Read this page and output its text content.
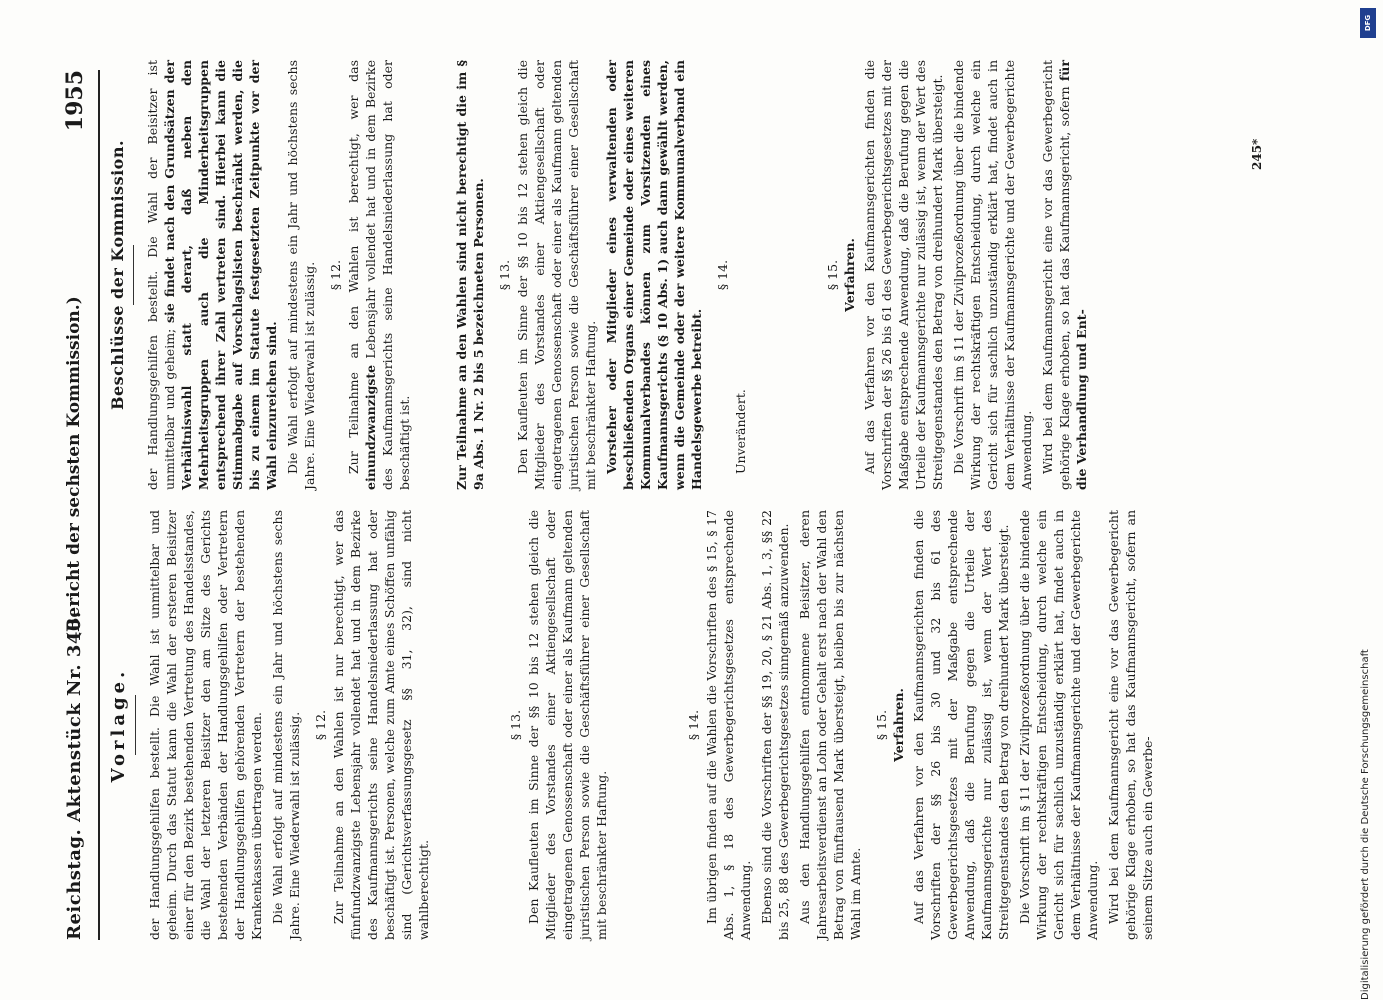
Reichstag. Aktenstück Nr. 340.
(Bericht der sechsten Kommission.)
1955
Vorlage. der Handlungsgehilfen bestellt. Die Wahl ist unmittelbar und geheim. Durch das Statut kann die Wahl der ersteren Beisitzer einer für den Bezirk bestehenden Vertretung des Handelsstandes, die Wahl der letzteren Beisitzer den am Sitze des Gerichts bestehenden Verbänden der Handlungsgehilfen oder Vertretern der Handlungsgehilfen gehörenden Vertretern der bestehenden Krankenkassen übertragen werden. Die Wahl erfolgt auf mindestens ein Jahr und höchstens sechs Jahre. Eine Wiederwahl ist zulässig. § 12. Zur Teilnahme an den Wahlen ist nur berechtigt, wer das fünfundzwanzigste Lebensjahr vollendet hat und in dem Bezirke des Kaufmannsgerichts seine Handelsniederlassung hat oder beschäftigt ist. Personen, welche zum Amte eines Schöffen unfähig sind (Gerichtsverfassungsgesetz §§ 31, 32), sind nicht wahlberechtigt.

§ 13. Den Kaufleuten im Sinne der §§ 10 bis 12 stehen gleich die Mitglieder des Vorstandes einer Aktiengesellschaft oder eingetragenen Genossenschaft oder einer als Kaufmann geltenden juristischen Person sowie die Geschäftsführer einer Gesellschaft mit beschränkter Haftung.

§ 14. Im übrigen finden auf die Wahlen die Vorschriften des § 15, § 17 Abs. 1, § 18 des Gewerbegerichtsgesetzes entsprechende Anwendung. Ebenso sind die Vorschriften der §§ 19, 20, § 21 Abs. 1, 3, §§ 22 bis 25, 88 des Gewerbegerichtsgesetzes sinngemäß anzuwenden. Aus den Handlungsgehilfen entnommene Beisitzer, deren Jahresarbeitsverdienst an Lohn oder Gehalt erst nach der Wahl den Betrag von fünftausend Mark übersteigt, bleiben bis zur nächsten Wahl im Amte.

§ 15. Verfahren. Auf das Verfahren vor den Kaufmannsgerichten finden die Vorschriften der §§ 26 bis 30 und 32 bis 61 des Gewerbegerichtsgesetzes mit der Maßgabe entsprechende Anwendung, daß die Berufung gegen die Urteile der Kaufmannsgerichte nur zulässig ist, wenn der Wert des Streitgegenstandes den Betrag von dreihundert Mark übersteigt. Die Vorschrift im § 11 der Zivilprozeßordnung über die bindende Wirkung der rechtskräftigen Entscheidung, durch welche ein Gericht sich für sachlich unzuständig erklärt hat, findet auch in dem Verhältnisse der Kaufmannsgerichte und der Gewerbegerichte Anwendung. Wird bei dem Kaufmannsgericht eine vor das Gewerbegericht gehörige Klage erhoben, so hat das Kaufmannsgericht, sofern an seinem Sitze auch ein Gewerbe-

Beschlüsse der Kommission. der Handlungsgehilfen bestellt. Die Wahl der Beisitzer ist unmittelbar und geheim; sie findet nach den Grundsätzen der Verhältniswahl statt derart, daß neben den Mehrheitsgruppen auch die Minderheitsgruppen entsprechend ihrer Zahl vertreten sind. Hierbei kann die Stimmabgabe auf Vorschlagslisten beschränkt werden, die bis zu einem im Statute festgesetzten Zeitpunkte vor der Wahl einzureichen sind. Die Wahl erfolgt auf mindestens ein Jahr und höchstens sechs Jahre. Eine Wiederwahl ist zulässig. § 12. Zur Teilnahme an den Wahlen ist berechtigt, wer das einundzwanzigste Lebensjahr vollendet hat und in dem Bezirke des Kaufmannsgerichts seine Handelsniederlassung hat oder beschäftigt ist.	Zur Teilnahme an den Wahlen sind nicht berechtigt die im § 9a Abs. 1 Nr. 2 bis 5 bezeichneten Personen. § 13. Den Kaufleuten im Sinne der §§ 10 bis 12 stehen gleich die Mitglieder des Vorstandes einer Aktiengesellschaft oder eingetragenen Genossenschaft oder einer als Kaufmann geltenden juristischen Person sowie die Geschäftsführer einer Gesellschaft mit beschränkter Haftung. Vorsteher oder Mitglieder eines verwaltenden oder beschließenden Organs einer Gemeinde oder eines weiteren Kommunalverbandes können zum Vorsitzenden eines Kaufmannsgerichts (§ 10 Abs. 1) auch dann gewählt werden, wenn die Gemeinde oder der weitere Kommunalverband ein Handelsgewerbe betreibt.

§ 14.

Unverändert.

§ 15. Verfahren. Auf das Verfahren vor den Kaufmannsgerichten finden die Vorschriften der §§ 26 bis 61 des Gewerbegerichtsgesetzes mit der Maßgabe entsprechende Anwendung, daß die Berufung gegen die Urteile der Kaufmannsgerichte nur zulässig ist, wenn der Wert des Streitgegenstandes den Betrag von dreihundert Mark übersteigt. Die Vorschrift im § 11 der Zivilprozeßordnung über die bindende Wirkung der rechtskräftigen Entscheidung, durch welche ein Gericht sich für sachlich unzuständig erklärt hat, findet auch in dem Verhältnisse der Kaufmannsgerichte und der Gewerbegerichte Anwendung. Wird bei dem Kaufmannsgericht eine vor das Gewerbegericht gehörige Klage erhoben, so hat das Kaufmannsgericht, sofern für die Verhandlung und Ent-

245*
Digitalisierung gefördert durch die Deutsche Forschungsgemeinschaft
DFG
